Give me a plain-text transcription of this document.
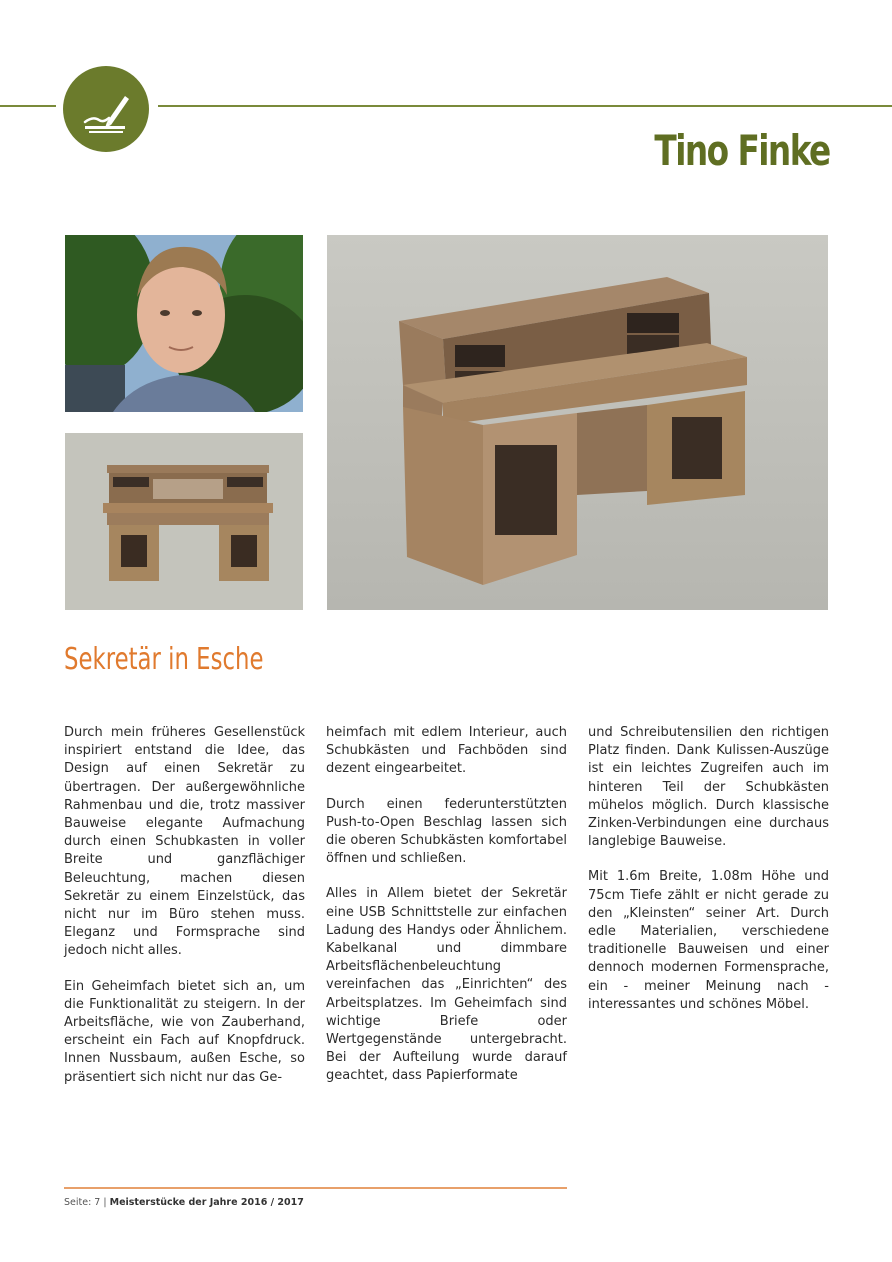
Tino Finke
Sekretär in Esche

Durch mein früheres Gesellenstück inspiriert entstand die Idee, das Design auf einen Sekretär zu übertragen. Der außergewöhnliche Rahmenbau und die, trotz massiver Bauweise elegante Aufmachung durch einen Schubkasten in voller Breite und ganzflächiger Beleuchtung, machen diesen Sekretär zu einem Einzelstück, das nicht nur im Büro stehen muss. Eleganz und Formsprache sind jedoch nicht alles.

Ein Geheimfach bietet sich an, um die Funktionalität zu steigern. In der Arbeitsfläche, wie von Zauberhand, erscheint ein Fach auf Knopfdruck. Innen Nussbaum, außen Esche, so präsentiert sich nicht nur das Ge-

heimfach mit edlem Interieur, auch Schubkästen und Fachböden sind dezent eingearbeitet.

Durch einen federunterstützten Push-to-Open Beschlag lassen sich die oberen Schubkästen komfortabel öffnen und schließen.

Alles in Allem bietet der Sekretär eine USB Schnittstelle zur einfachen Ladung des Handys oder Ähnlichem. Kabelkanal und dimmbare Arbeitsflächenbeleuchtung vereinfachen das „Einrichten“ des Arbeitsplatzes. Im Geheimfach sind wichtige Briefe oder Wertgegenstände untergebracht. Bei der Aufteilung wurde darauf geachtet, dass Papierformate

und Schreibutensilien den richtigen Platz finden. Dank Kulissen-Auszüge ist ein leichtes Zugreifen auch im hinteren Teil der Schubkästen mühelos möglich. Durch klassische Zinken-Verbindungen eine durchaus langlebige Bauweise.

Mit 1.6m Breite, 1.08m Höhe und 75cm Tiefe zählt er nicht gerade zu den „Kleinsten“ seiner Art. Durch edle Materialien, verschiedene traditionelle Bauweisen und einer dennoch modernen Formensprache, ein - meiner Meinung nach - interessantes und schönes Möbel.

Seite: 7 | Meisterstücke der Jahre 2016 / 2017
